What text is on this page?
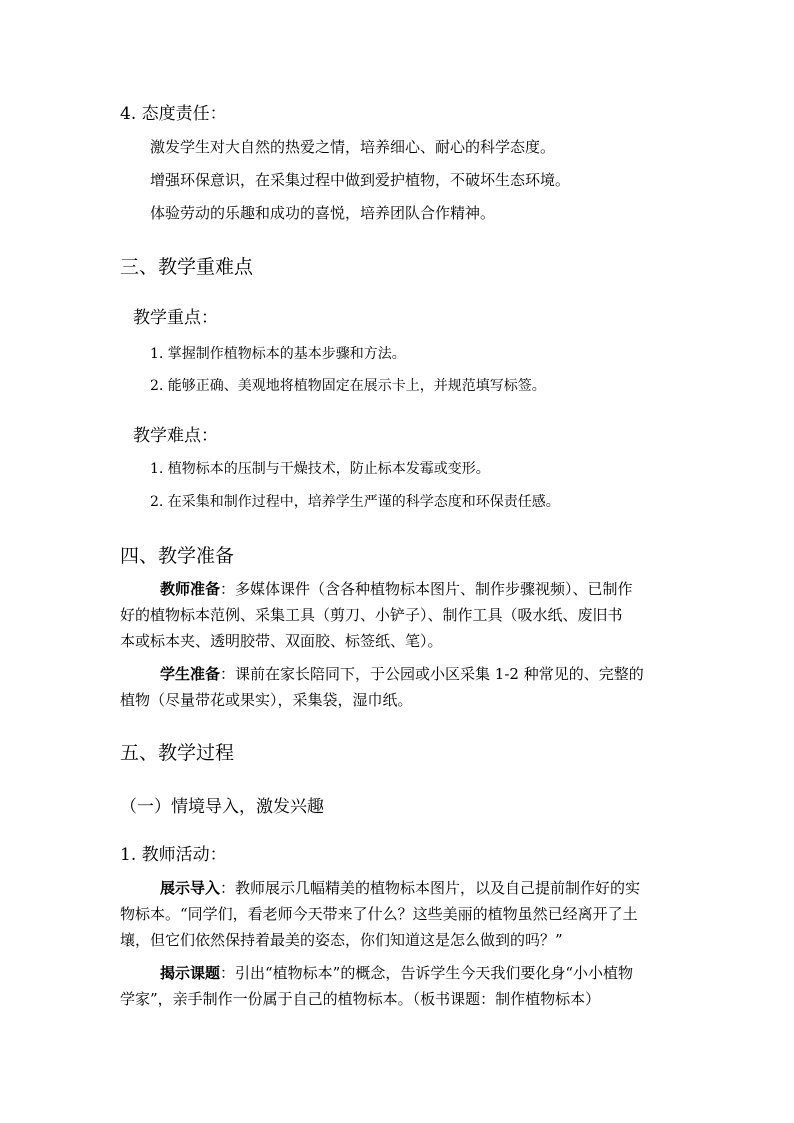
4. 态度责任：
激发学生对大自然的热爱之情，培养细心、耐心的科学态度。
增强环保意识，在采集过程中做到爱护植物，不破坏生态环境。
体验劳动的乐趣和成功的喜悦，培养团队合作精神。
三、教学重难点
教学重点：
1. 掌握制作植物标本的基本步骤和方法。
2. 能够正确、美观地将植物固定在展示卡上，并规范填写标签。
教学难点：
1. 植物标本的压制与干燥技术，防止标本发霉或变形。
2. 在采集和制作过程中，培养学生严谨的科学态度和环保责任感。
四、教学准备
教师准备：多媒体课件（含各种植物标本图片、制作步骤视频）、已制作
好的植物标本范例、采集工具（剪刀、小铲子）、制作工具（吸水纸、废旧书
本或标本夹、透明胶带、双面胶、标签纸、笔）。
学生准备：课前在家长陪同下，于公园或小区采集 1-2 种常见的、完整的
植物（尽量带花或果实），采集袋，湿巾纸。
五、教学过程
（一）情境导入，激发兴趣
1. 教师活动：
展示导入：教师展示几幅精美的植物标本图片，以及自己提前制作好的实
物标本。“同学们，看老师今天带来了什么？这些美丽的植物虽然已经离开了土
壤，但它们依然保持着最美的姿态，你们知道这是怎么做到的吗？”
揭示课题：引出“植物标本”的概念，告诉学生今天我们要化身“小小植物
学家”，亲手制作一份属于自己的植物标本。（板书课题：制作植物标本）
